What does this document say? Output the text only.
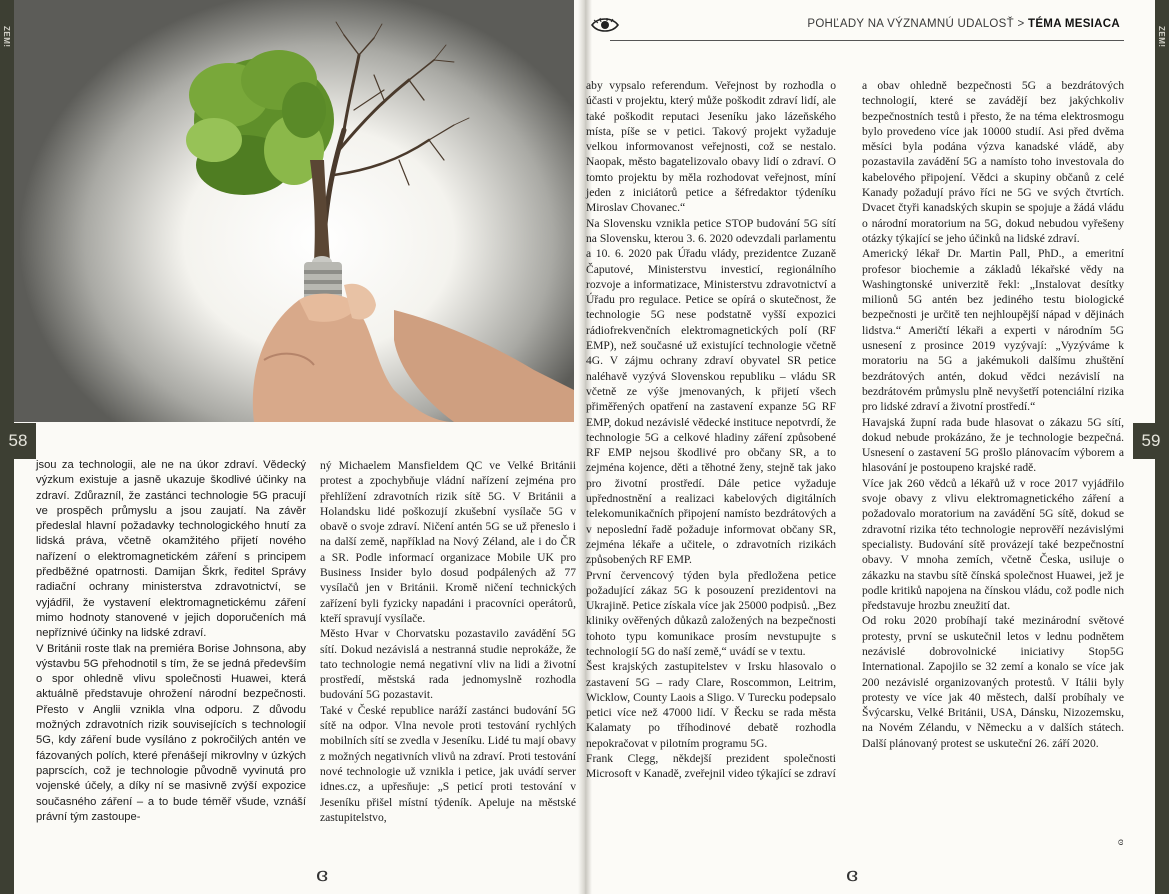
ZEM!	ZEM!
58	59
POHĽADY NA VÝZNAMNÚ UDALOSŤ > TÉMA MESIACA

jsou za technologii, ale ne na úkor zdraví. Vědecký výzkum existuje a jasně ukazuje škodlivé účinky na zdraví. Zdůrazníl, že zastánci technologie 5G pracují ve prospěch průmyslu a jsou zaujatí. Na závěr předeslal hlavní požadavky technologického hnutí za lidská práva, včetně okamžitého přijetí nového nařízení o elektromagnetickém záření s principem předběžné opatrnosti. Damijan Škrk, ředitel Správy radiační ochrany ministerstva zdravotnictví, se vyjádřil, že vystavení elektromagnetickému záření mimo hodnoty stanovené v jejich doporučeních má nepříznivé účinky na lidské zdraví.

V Británii roste tlak na premiéra Borise Johnsona, aby výstavbu 5G přehodnotil s tím, že se jedná především o spor ohledně vlivu společnosti Huawei, která aktuálně představuje ohrožení národní bezpečnosti. Přesto v Anglii vznikla vlna odporu. Z důvodu možných zdravotních rizik souvisejících s technologií 5G, kdy záření bude vysíláno z pokročilých antén ve fázovaných polích, které přenášejí mikrovlny v úzkých paprscích, což je technologie původně vyvinutá pro vojenské účely, a díky ní se masivně zvýší expozice současného záření – a to bude téměř všude, vznáší právní tým zastoupe-

ný Michaelem Mansfieldem QC ve Velké Británii protest a zpochybňuje vládní nařízení zejména pro přehlížení zdravotních rizik sítě 5G. V Británii a Holandsku lidé poškozují zkušební vysílače 5G v obavě o svoje zdraví. Ničení antén 5G se už přeneslo i na další země, například na Nový Zéland, ale i do ČR a SR. Podle informací organizace Mobile UK pro Business Insider bylo dosud podpálených až 77 vysílačů jen v Británii. Kromě ničení technických zařízení byli fyzicky napadáni i pracovníci operátorů, kteří spravují vysílače.

Město Hvar v Chorvatsku pozastavilo zavádění 5G sítí. Dokud nezávislá a nestranná studie neprokáže, že tato technologie nemá negativní vliv na lidi a životní prostředí, městská rada jednomyslně rozhodla budování 5G pozastavit.

Také v České republice naráží zastánci budování 5G sítě na odpor. Vlna nevole proti testování rychlých mobilních sítí se zvedla v Jeseníku. Lidé tu mají obavy z možných negativních vlivů na zdraví. Proti testování nové technologie už vznikla i petice, jak uvádí server idnes.cz, a upřesňuje: „S peticí proti testování v Jeseníku přišel místní týdeník. Apeluje na městské zastupitelstvo,

aby vypsalo referendum. Veřejnost by rozhodla o účasti v projektu, který může poškodit zdraví lidí, ale také poškodit reputaci Jeseníku jako lázeňského místa, píše se v petici. Takový projekt vyžaduje velkou informovanost veřejnosti, což se nestalo. Naopak, město bagatelizovalo obavy lidí o zdraví. O tomto projektu by měla rozhodovat veřejnost, míní jeden z iniciátorů petice a šéfredaktor týdeníku Miroslav Chovanec.“

Na Slovensku vznikla petice STOP budování 5G sítí na Slovensku, kterou 3. 6. 2020 odevzdali parlamentu a 10. 6. 2020 pak Úřadu vlády, prezidentce Zuzaně Čaputové, Ministerstvu investicí, regionálního rozvoje a informatizace, Ministerstvu zdravotnictví a Úřadu pro regulace. Petice se opírá o skutečnost, že technologie 5G nese podstatně vyšší expozici rádiofrekvenčních elektromagnetických polí (RF EMP), než současné už existující technologie včetně 4G. V zájmu ochrany zdraví obyvatel SR petice naléhavě vyzývá Slovenskou republiku – vládu SR včetně ze výše jmenovaných, k přijetí všech přiměřených opatření na zastavení expanze 5G RF EMP, dokud nezávislé vědecké instituce nepotvrdí, že technologie 5G a celkové hladiny záření způsobené RF EMP nejsou škodlivé pro občany SR, a to zejména kojence, děti a těhotné ženy, stejně tak jako pro životní prostředí. Dále petice vyžaduje upřednostnění a realizaci kabelových digitálních telekomunikačních připojení namísto bezdrátových a v neposlední řadě požaduje informovat občany SR, zejména lékaře a učitele, o zdravotních rizikách způsobených RF EMP.

První červencový týden byla předložena petice požadující zákaz 5G k posouzení prezidentovi na Ukrajině. Petice získala více jak 25000 podpisů. „Bez kliniky ověřených důkazů založených na bezpečnosti tohoto typu komunikace prosím nevstupujte s technologií 5G do naší země,“ uvádí se v textu.

Šest krajských zastupitelstev v Irsku hlasovalo o zastavení 5G – rady Clare, Roscommon, Leitrim, Wicklow, County Laois a Sligo. V Turecku podepsalo petici více než 47000 lidí. V Řecku se rada města Kalamaty po tříhodinové debatě rozhodla nepokračovat v pilotním programu 5G.

Frank Clegg, někdejší prezident společnosti Microsoft v Kanadě, zveřejnil video týkající se zdraví

a obav ohledně bezpečnosti 5G a bezdrátových technologií, které se zavádějí bez jakýchkoliv bezpečnostních testů i přesto, že na téma elektrosmogu bylo provedeno více jak 10000 studií. Asi před dvěma měsíci byla podána výzva kanadské vládě, aby pozastavila zavádění 5G a namísto toho investovala do kabelového připojení. Vědci a skupiny občanů z celé Kanady požadují právo říci ne 5G ve svých čtvrtích. Dvacet čtyři kanadských skupin se spojuje a žádá vládu o národní moratorium na 5G, dokud nebudou vyřešeny otázky týkající se jeho účinků na lidské zdraví.

Americký lékař Dr. Martin Pall, PhD., a emeritní profesor biochemie a základů lékařské vědy na Washingtonské univerzitě řekl: „Instalovat desítky milionů 5G antén bez jediného testu biologické bezpečnosti je určitě ten nejhloupější nápad v dějinách lidstva.“ Američtí lékaři a experti v národním 5G usnesení z prosince 2019 vyzývají: „Vyzýváme k moratoriu na 5G a jakémukoli dalšímu zhuštění bezdrátových antén, dokud vědci nezávislí na bezdrátovém průmyslu plně nevyšetří potenciální rizika pro lidské zdraví a životní prostředí.“

Havajská župní rada bude hlasovat o zákazu 5G sítí, dokud nebude prokázáno, že je technologie bezpečná. Usnesení o zastavení 5G prošlo plánovacím výborem a hlasování je postoupeno krajské radě.

Více jak 260 vědců a lékařů už v roce 2017 vyjádřilo svoje obavy z vlivu elektromagnetického záření a požadovalo moratorium na zavádění 5G sítě, dokud se zdravotní rizika této technologie neprověří nezávislými specialisty. Budování sítě provázejí také bezpečnostní obavy. V mnoha zemích, včetně Česka, usiluje o zákazku na stavbu sítě čínská společnost Huawei, jež je podle kritiků napojena na čínskou vládu, což podle nich představuje hrozbu zneužití dat.

Od roku 2020 probíhají také mezinárodní světové protesty, první se uskutečnil letos v lednu podnětem nezávislé dobrovolnické iniciativy Stop5G International. Zapojilo se 32 zemí a konalo se více jak 200 nezávislé organizovaných protestů. V Itálii byly protesty ve více jak 40 městech, další probíhaly ve Švýcarsku, Velké Británii, USA, Dánsku, Nizozemsku, na Novém Zélandu, v Německu a v dalších státech. Další plánovaný protest se uskuteční 26. září 2020.

ɞ	ɞ
ɞ
